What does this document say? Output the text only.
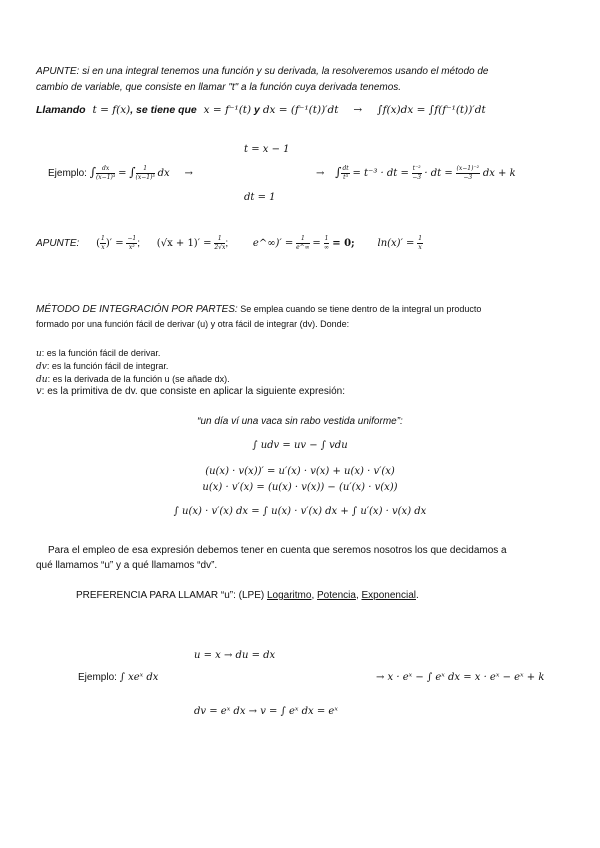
APUNTE: si en una integral tenemos una función y su derivada, la resolveremos usando el método de
cambio de variable, que consiste en llamar "t" a la función cuya derivada tenemos.
Llamando t = f(x), se tiene que x = f⁻¹(t) y dx = (f⁻¹(t))′dt → ∫f(x)dx = ∫f(f⁻¹(t))′dt
t = x − 1
dt = 1
Ejemplo: ∫ $\frac{dx}{\text{(x−1)³}}$ = ∫ $\frac{1}{\text{(x−1)³}}$ dx →	→ ∫ $\frac{dt}{\text{t³}} = t^{-3}$ · dt = $\frac{\text{t⁻²}}{-3}$ · dt = $\frac{\text{(x−1)⁻²}}{-3}$ dx + k
APUNTE: ( $\frac{1}{x}$ )′ = $\frac{-1}{\text{x²}}$ ; $(√x + 1)' = \frac{1}{2√x}$ ; e^∞)′ = $\frac{1}{e\^{}\infty} = \frac{1}{\infty} = 0$; $\ln(x)' = \frac{1}{x}$
MÉTODO DE INTEGRACIÓN POR PARTES: Se emplea cuando se tiene dentro de la integral un producto
formado por una función fácil de derivar (u) y otra fácil de integrar (dv). Donde:
u: es la función fácil de derivar.
dv: es la función fácil de integrar.
du: es la derivada de la función u (se añade dx).
v: es la primitiva de dv. que consiste en aplicar la siguiente expresión:
“un día ví una vaca sin rabo vestida uniforme”:
∫ udv = uv − ∫ vdu
(u(x) · v(x))′ = u′(x) · v(x) + u(x) · v′(x)
u(x) · v′(x) = (u(x) · v(x)) − (u′(x) · v(x))
∫ u(x) · v′(x) dx = ∫ u(x) · v′(x) dx + ∫ u′(x) · v(x) dx
Para el empleo de esa expresión debemos tener en cuenta que seremos nosotros los que decidamos a
qué llamamos “u” y a qué llamamos “dv”.
PREFERENCIA PARA LLAMAR “u”: (LPE) Logaritmo, Potencia, Exponencial.
u = x → du = dx
Ejemplo: ∫ xeˣ dx	→ x · eˣ − ∫ eˣ dx = x · eˣ − eˣ + k
dv = eˣ dx → v = ∫ eˣ dx = eˣ
